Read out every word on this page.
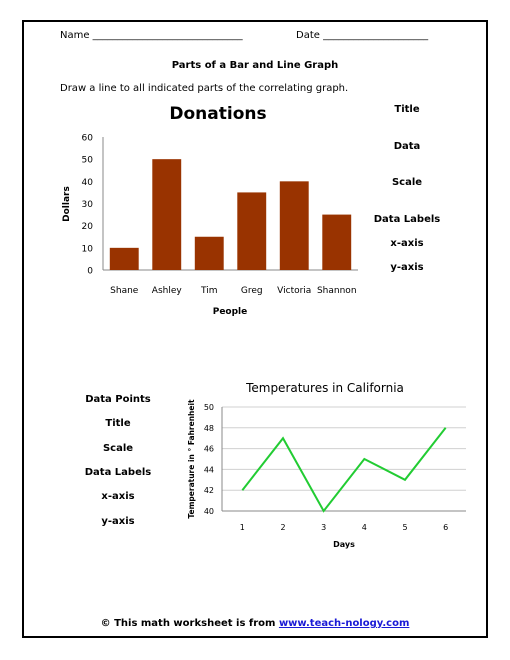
Name ______________________________	Date _____________________
Parts of a Bar and Line Graph
Draw a line to all indicated parts of the correlating graph.
Title
Data
Scale
Data Labels
x-axis
y-axis
Data Points
Title
Scale
Data Labels
x-axis
y-axis
Donations
0
10
20
30
40
50
60
Shane Ashley Tim	Greg Victoria Shannon
Dollars
People
Temperatures in California
40
42
44
46
48
50
1	2	3	4	5	6
Temperature in ° Fahrenheit
Days
© This math worksheet is from www.teach-nology.com
